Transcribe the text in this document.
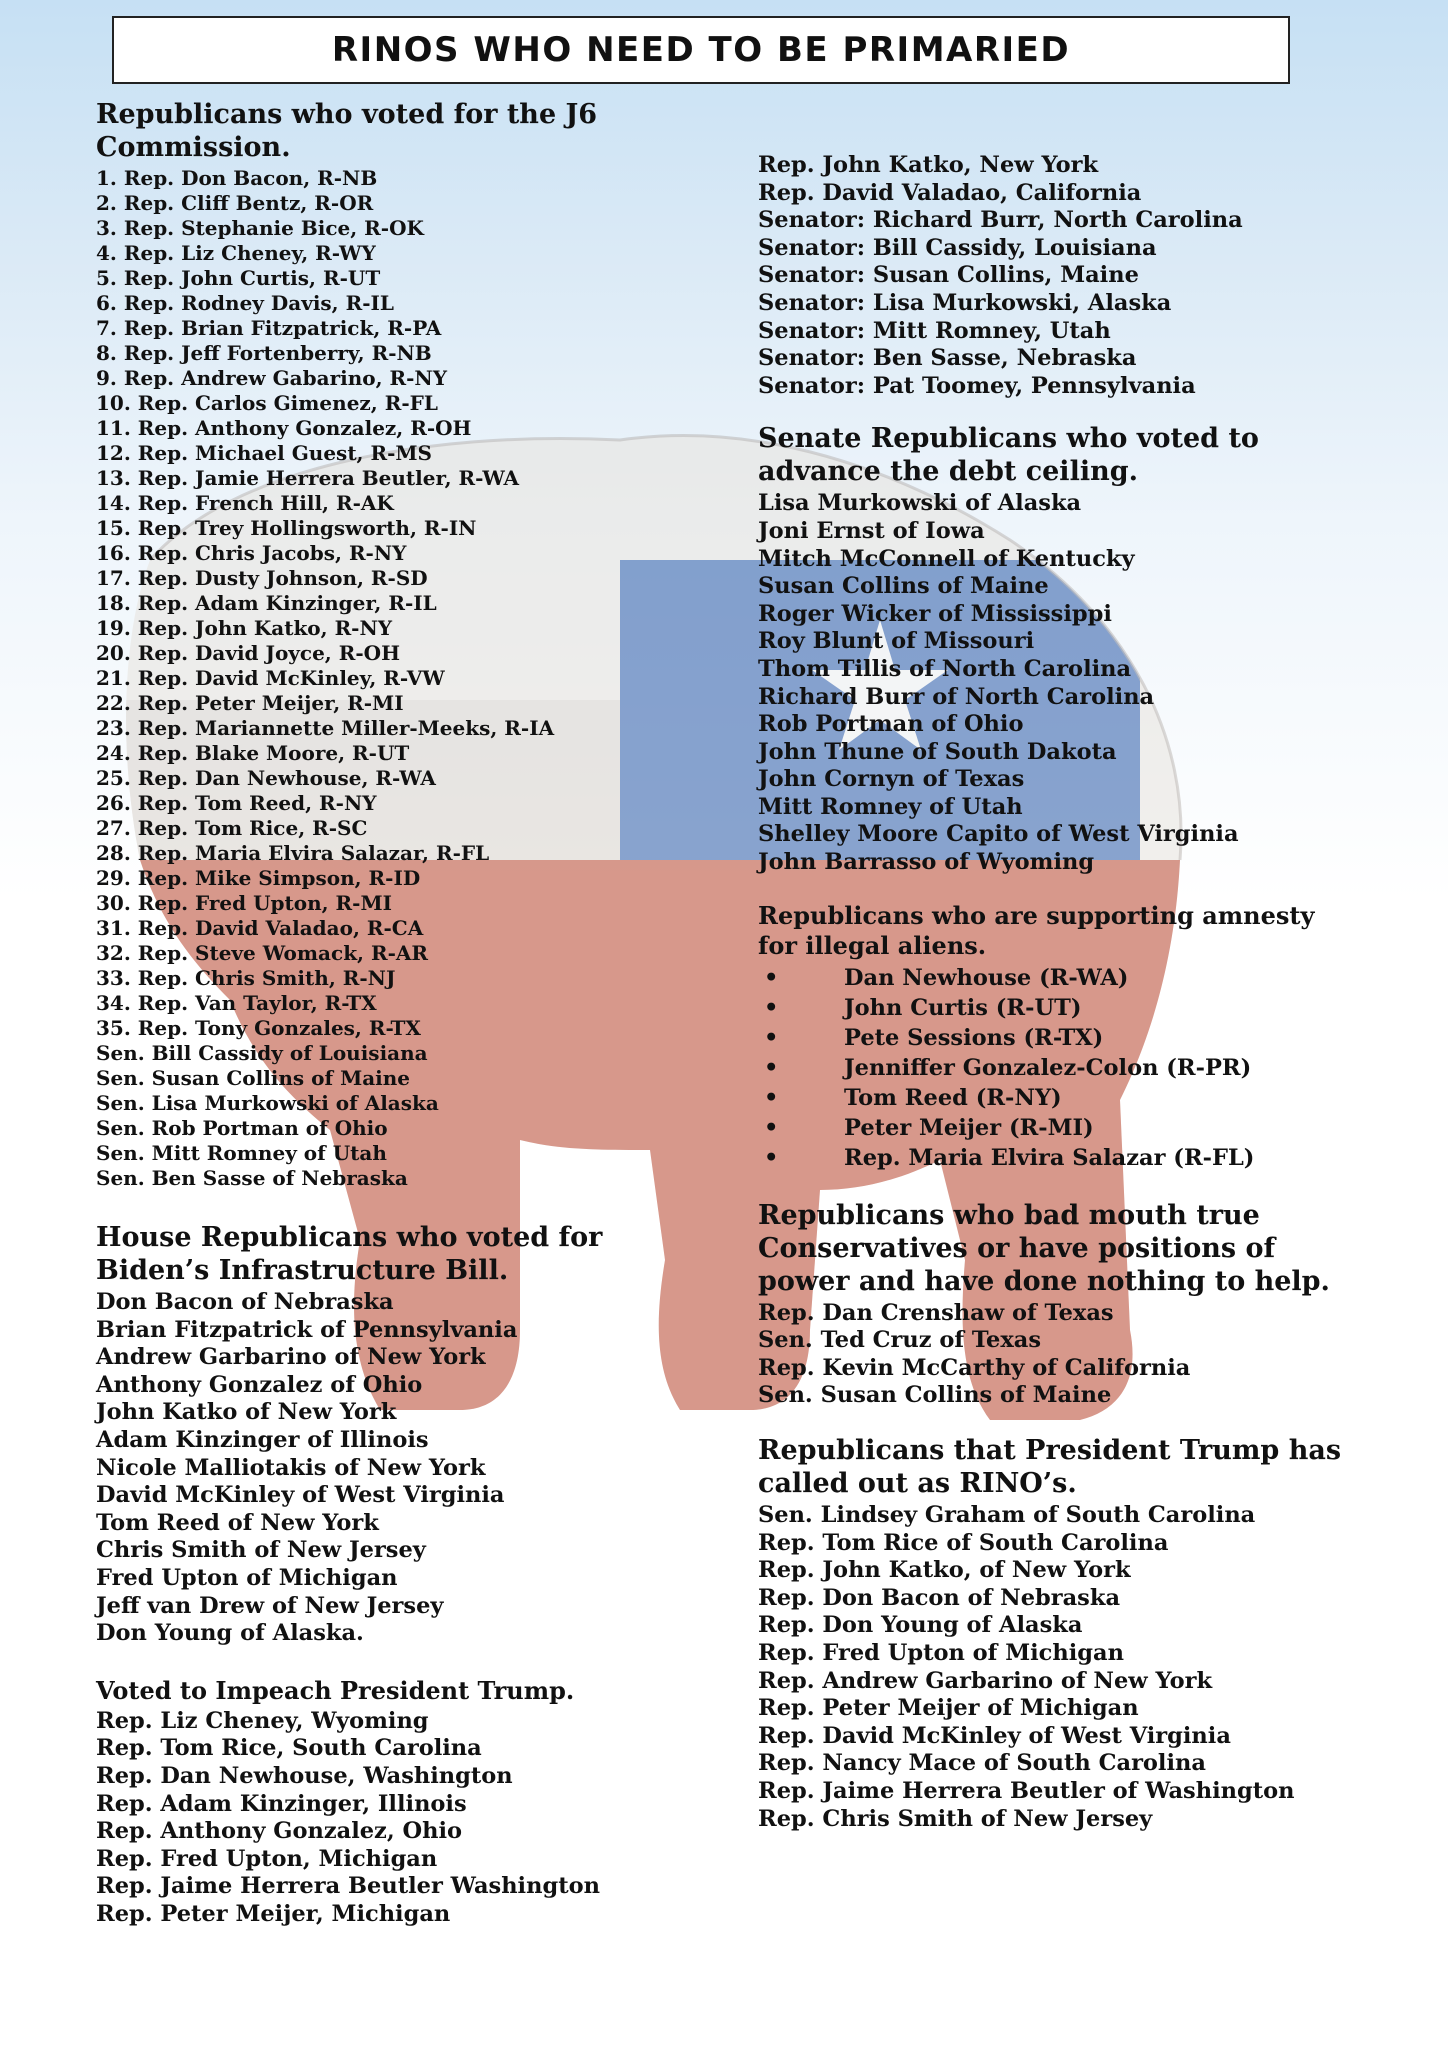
RINOS WHO NEED TO BE PRIMARIED
Republicans who voted for the J6 Commission.
1. Rep. Don Bacon, R-NB
2. Rep. Cliff Bentz, R-OR
3. Rep. Stephanie Bice, R-OK
4. Rep. Liz Cheney, R-WY
5. Rep. John Curtis, R-UT
6. Rep. Rodney Davis, R-IL
7. Rep. Brian Fitzpatrick, R-PA
8. Rep. Jeff Fortenberry, R-NB
9. Rep. Andrew Gabarino, R-NY
10. Rep. Carlos Gimenez, R-FL
11. Rep. Anthony Gonzalez, R-OH
12. Rep. Michael Guest, R-MS
13. Rep. Jamie Herrera Beutler, R-WA
14. Rep. French Hill, R-AK
15. Rep. Trey Hollingsworth, R-IN
16. Rep. Chris Jacobs, R-NY
17. Rep. Dusty Johnson, R-SD
18. Rep. Adam Kinzinger, R-IL
19. Rep. John Katko, R-NY
20. Rep. David Joyce, R-OH
21. Rep. David McKinley, R-VW
22. Rep. Peter Meijer, R-MI
23. Rep. Mariannette Miller-Meeks, R-IA
24. Rep. Blake Moore, R-UT
25. Rep. Dan Newhouse, R-WA
26. Rep. Tom Reed, R-NY
27. Rep. Tom Rice, R-SC
28. Rep. Maria Elvira Salazar, R-FL
29. Rep. Mike Simpson, R-ID
30. Rep. Fred Upton, R-MI
31. Rep. David Valadao, R-CA
32. Rep. Steve Womack, R-AR
33. Rep. Chris Smith, R-NJ
34. Rep. Van Taylor, R-TX
35. Rep. Tony Gonzales, R-TX
Sen. Bill Cassidy of Louisiana
Sen. Susan Collins of Maine
Sen. Lisa Murkowski of Alaska
Sen. Rob Portman of Ohio
Sen. Mitt Romney of Utah
Sen. Ben Sasse of Nebraska
House Republicans who voted for Biden’s Infrastructure Bill.
Don Bacon of Nebraska
Brian Fitzpatrick of Pennsylvania
Andrew Garbarino of New York
Anthony Gonzalez of Ohio
John Katko of New York
Adam Kinzinger of Illinois
Nicole Malliotakis of New York
David McKinley of West Virginia
Tom Reed of New York
Chris Smith of New Jersey
Fred Upton of Michigan
Jeff van Drew of New Jersey
Don Young of Alaska.
Voted to Impeach President Trump.
Rep. Liz Cheney, Wyoming
Rep. Tom Rice, South Carolina
Rep. Dan Newhouse, Washington
Rep. Adam Kinzinger, Illinois
Rep. Anthony Gonzalez, Ohio
Rep. Fred Upton, Michigan
Rep. Jaime Herrera Beutler Washington
Rep. Peter Meijer, Michigan
Rep. John Katko, New York
Rep. David Valadao, California
Senator: Richard Burr, North Carolina
Senator: Bill Cassidy, Louisiana
Senator: Susan Collins, Maine
Senator: Lisa Murkowski, Alaska
Senator: Mitt Romney, Utah
Senator: Ben Sasse, Nebraska
Senator: Pat Toomey, Pennsylvania
Senate Republicans who voted to advance the debt ceiling.
Lisa Murkowski of Alaska
Joni Ernst of Iowa
Mitch McConnell of Kentucky
Susan Collins of Maine
Roger Wicker of Mississippi
Roy Blunt of Missouri
Thom Tillis of North Carolina
Richard Burr of North Carolina
Rob Portman of Ohio
John Thune of South Dakota
John Cornyn of Texas
Mitt Romney of Utah
Shelley Moore Capito of West Virginia
John Barrasso of Wyoming
Republicans who are supporting amnesty for illegal aliens.
• Dan Newhouse (R-WA)
• John Curtis (R-UT)
• Pete Sessions (R-TX)
• Jenniffer Gonzalez-Colon (R-PR)
• Tom Reed (R-NY)
• Peter Meijer (R-MI)
• Rep. Maria Elvira Salazar (R-FL)
Republicans who bad mouth true Conservatives or have positions of power and have done nothing to help.
Rep. Dan Crenshaw of Texas
Sen. Ted Cruz of Texas
Rep. Kevin McCarthy of California
Sen. Susan Collins of Maine
Republicans that President Trump has called out as RINO’s.
Sen. Lindsey Graham of South Carolina
Rep. Tom Rice of South Carolina
Rep. John Katko, of New York
Rep. Don Bacon of Nebraska
Rep. Don Young of Alaska
Rep. Fred Upton of Michigan
Rep. Andrew Garbarino of New York
Rep. Peter Meijer of Michigan
Rep. David McKinley of West Virginia
Rep. Nancy Mace of South Carolina
Rep. Jaime Herrera Beutler of Washington
Rep. Chris Smith of New Jersey
